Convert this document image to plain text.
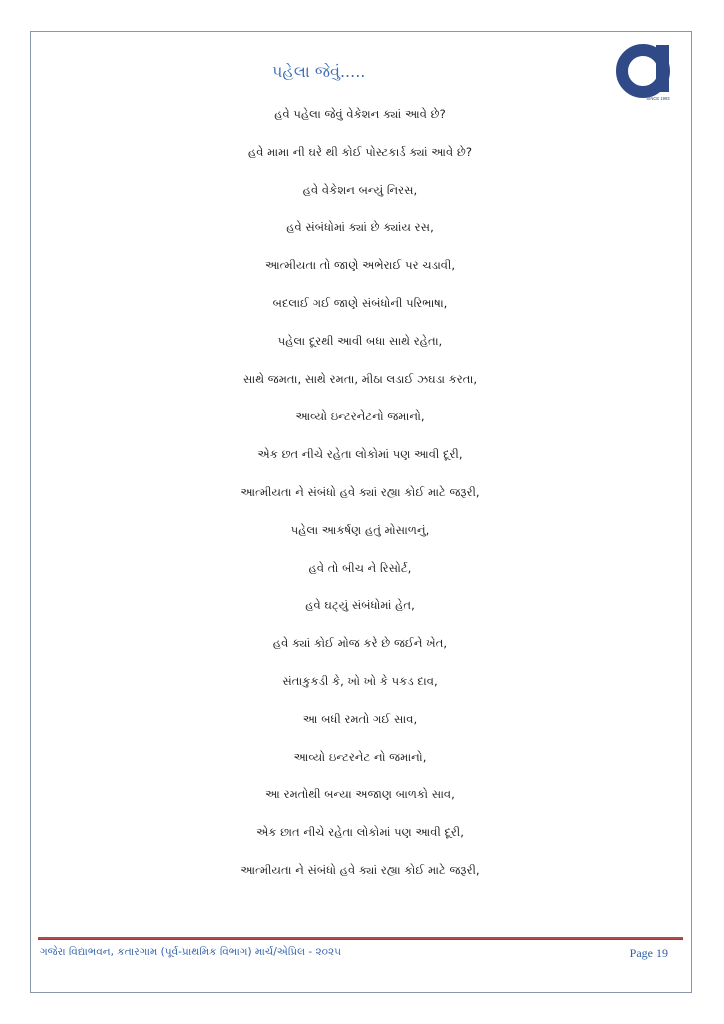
SINCE 1993
પહેલા જેવું.....
હવે પહેલા જેવું વેકેશન ક્યાં આવે છે?
હવે મામા ની ઘરે થી કોઈ પોસ્ટકાર્ડ ક્યાં આવે છે?
હવે વેકેશન બન્યું નિરસ,
હવે સંબંધોમાં ક્યાં છે ક્યાંય રસ,
આત્મીયતા તો જાણે અભેરાઈ પર ચડાવી,
બદલાઈ ગઈ જાણે સંબંધોની પરિભાષા,
પહેલા દૂરથી આવી બધા સાથે રહેતા,
સાથે જમતા, સાથે રમતા, મીઠા લડાઈ ઝઘડા કરતા,
આવ્યો ઇન્ટરનેટનો જમાનો,
એક છત નીચે રહેતા લોકોમાં પણ આવી દૂરી,
આત્મીયતા ને સંબંધો હવે ક્યાં રહ્યા કોઈ માટે જરૂરી,
પહેલા આકર્ષણ હતું મોસાળનું,
હવે તો બીચ ને રિસોર્ટ,
હવે ઘટ્યું સંબંધોમાં હેત,
હવે ક્યાં કોઈ મોજ કરે છે જઈને ખેત,
સંતાકુકડી કે, ખો ખો કે પકડ દાવ,
આ બધી રમતો ગઈ સાવ,
આવ્યો ઇન્ટરનેટ નો જમાનો,
આ રમતોથી બન્યા અજાણ બાળકો સાવ,
એક છાત નીચે રહેતા લોકોમાં પણ આવી દૂરી,
આત્મીયતા ને સંબંધો હવે ક્યાં રહ્યા કોઈ માટે જરૂરી,
ગજેરા વિદ્યાભવન, કતારગામ (પૂર્વ-પ્રાથમિક વિભાગ) માર્ચ/એપ્રિલ - ૨૦૨૫	Page 19
